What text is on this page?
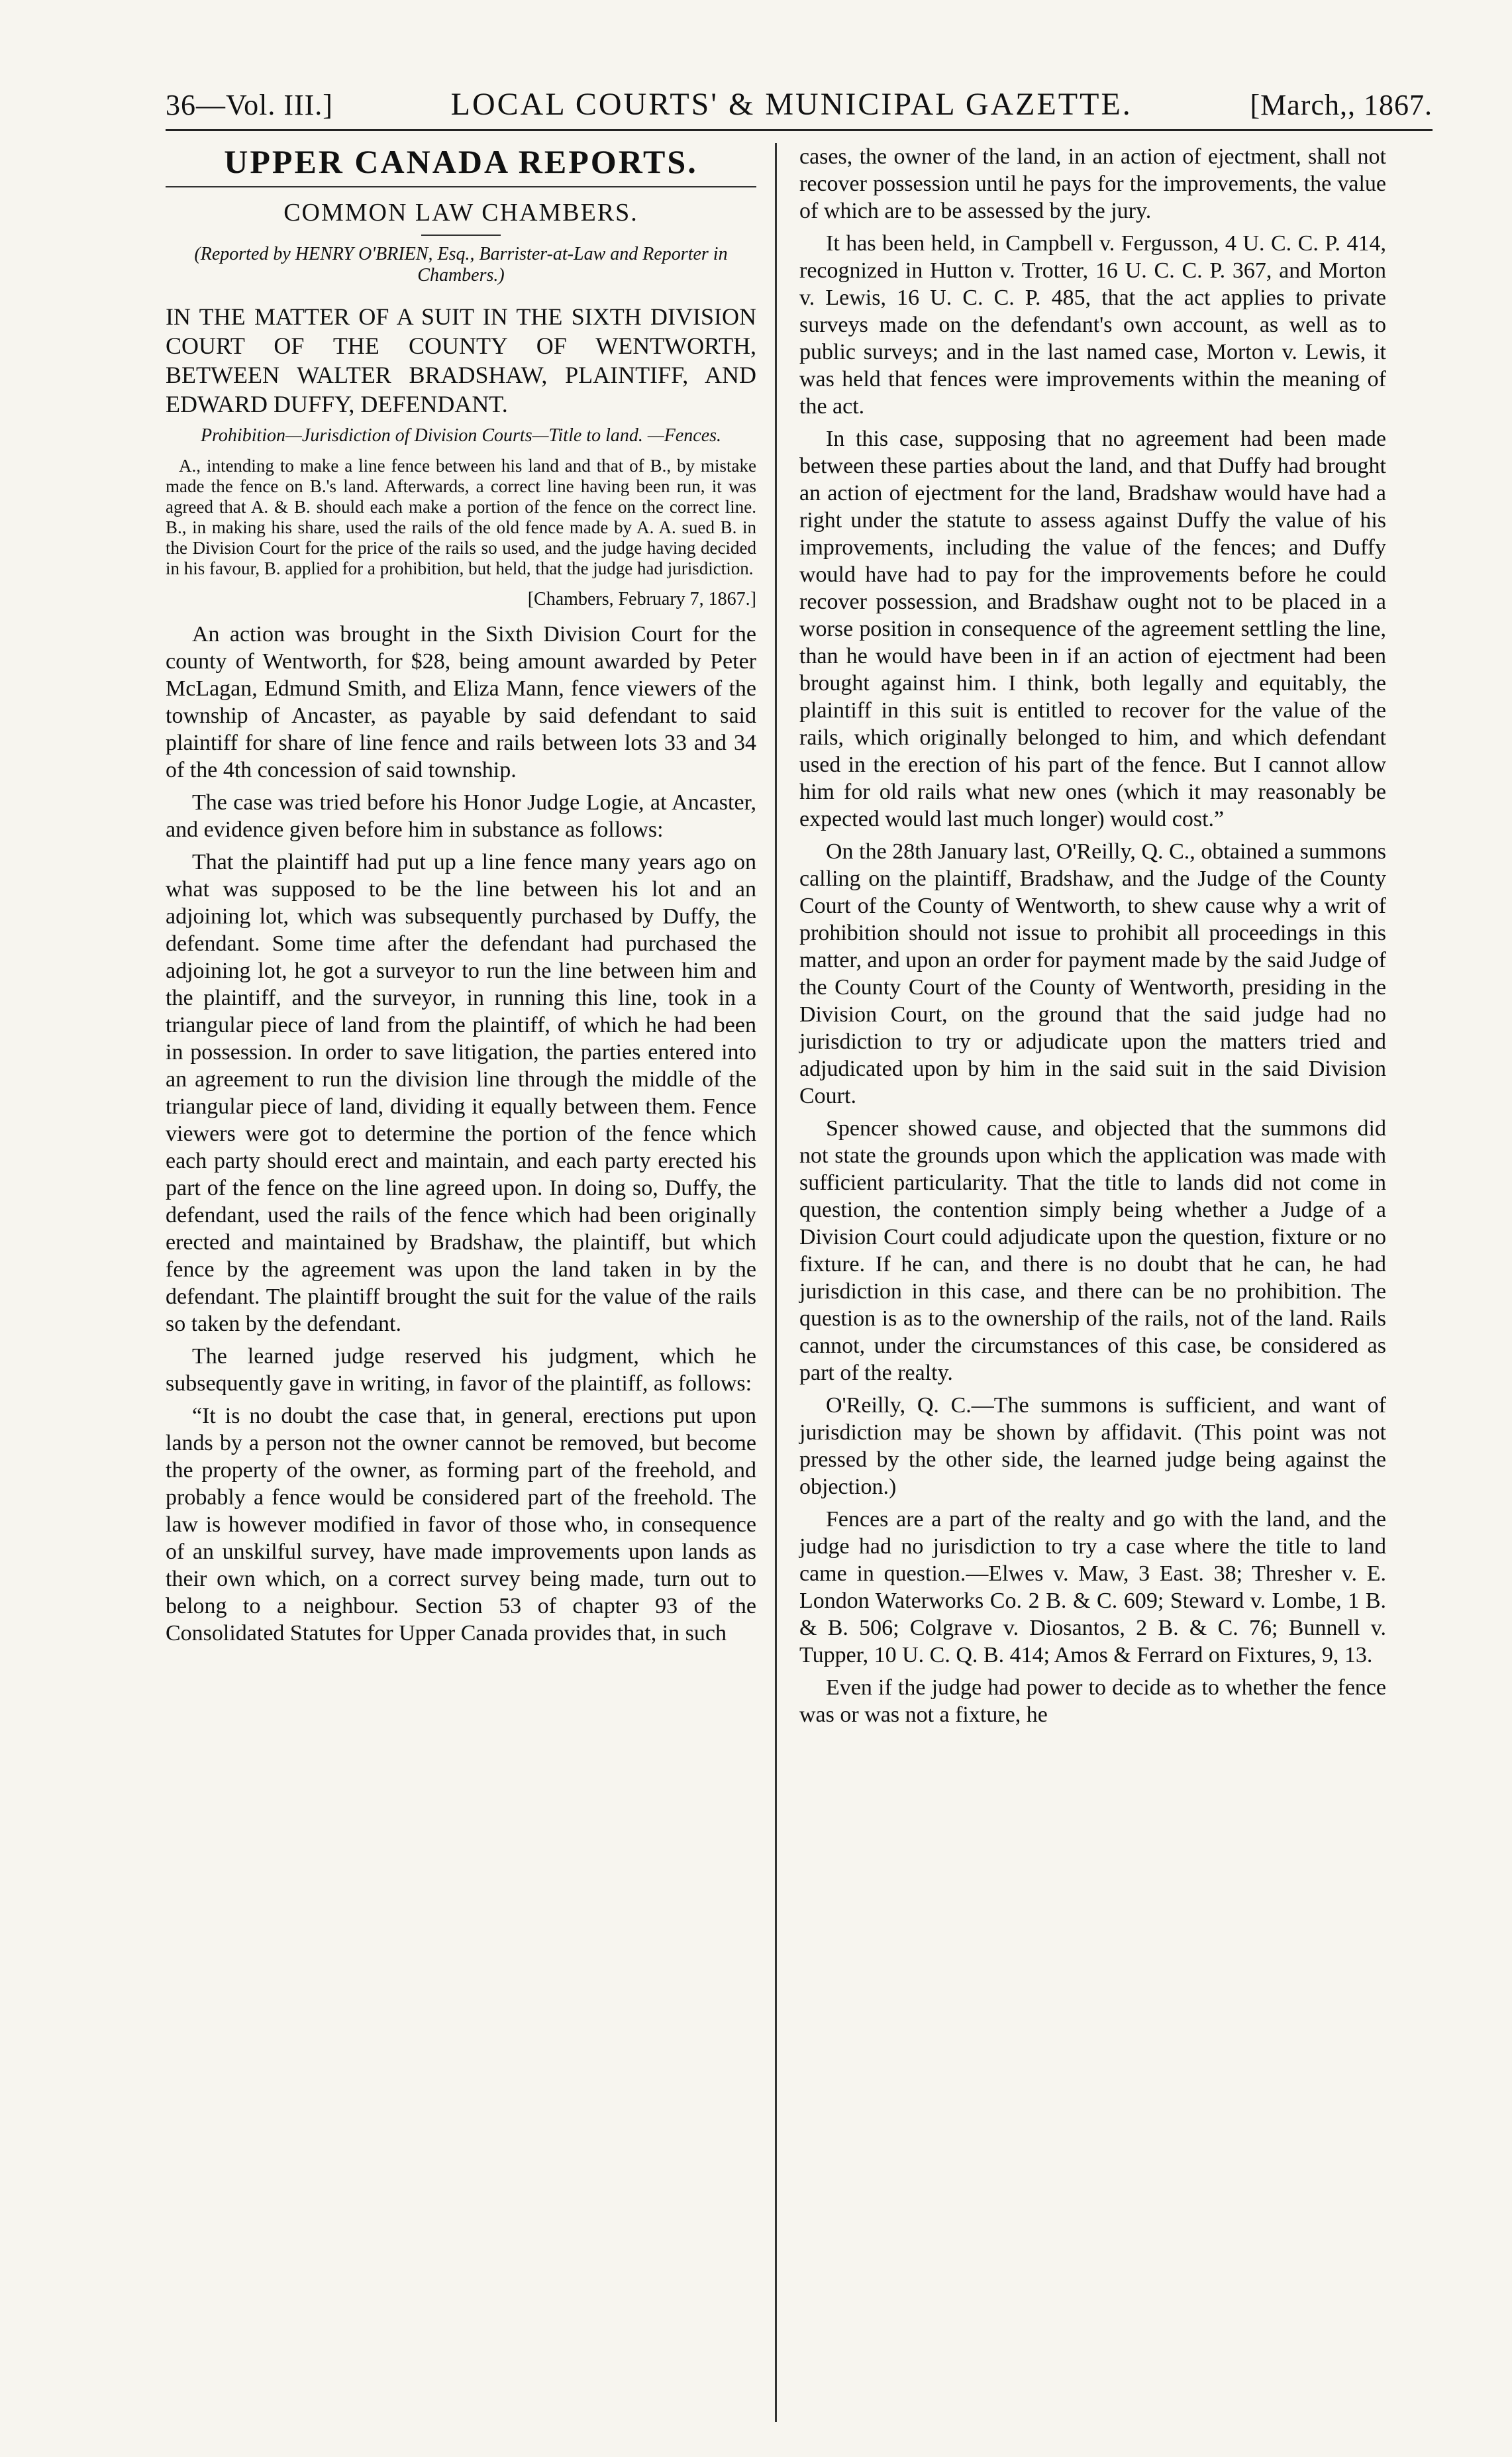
36—Vol. III.]	LOCAL COURTS' & MUNICIPAL GAZETTE.	[March,, 1867.
UPPER CANADA REPORTS.
COMMON LAW CHAMBERS.
(Reported by HENRY O'BRIEN, Esq., Barrister-at-Law and Reporter in Chambers.)

IN THE MATTER OF A SUIT IN THE SIXTH DIVISION COURT OF THE COUNTY OF WENTWORTH, BETWEEN WALTER BRADSHAW, PLAINTIFF, AND EDWARD DUFFY, DEFENDANT.

Prohibition—Jurisdiction of Division Courts—Title to land. —Fences.

A., intending to make a line fence between his land and that of B., by mistake made the fence on B.'s land. Afterwards, a correct line having been run, it was agreed that A. & B. should each make a portion of the fence on the correct line. B., in making his share, used the rails of the old fence made by A. A. sued B. in the Division Court for the price of the rails so used, and the judge having decided in his favour, B. applied for a prohibition, but held, that the judge had jurisdiction.

[Chambers, February 7, 1867.]

An action was brought in the Sixth Division Court for the county of Wentworth, for $28, being amount awarded by Peter McLagan, Edmund Smith, and Eliza Mann, fence viewers of the township of Ancaster, as payable by said defendant to said plaintiff for share of line fence and rails between lots 33 and 34 of the 4th concession of said township.

The case was tried before his Honor Judge Logie, at Ancaster, and evidence given before him in substance as follows:

That the plaintiff had put up a line fence many years ago on what was supposed to be the line between his lot and an adjoining lot, which was subsequently purchased by Duffy, the defendant. Some time after the defendant had purchased the adjoining lot, he got a surveyor to run the line between him and the plaintiff, and the surveyor, in running this line, took in a triangular piece of land from the plaintiff, of which he had been in possession. In order to save litigation, the parties entered into an agreement to run the division line through the middle of the triangular piece of land, dividing it equally between them. Fence viewers were got to determine the portion of the fence which each party should erect and maintain, and each party erected his part of the fence on the line agreed upon. In doing so, Duffy, the defendant, used the rails of the fence which had been originally erected and maintained by Bradshaw, the plaintiff, but which fence by the agreement was upon the land taken in by the defendant. The plaintiff brought the suit for the value of the rails so taken by the defendant.

The learned judge reserved his judgment, which he subsequently gave in writing, in favor of the plaintiff, as follows:

“It is no doubt the case that, in general, erections put upon lands by a person not the owner cannot be removed, but become the property of the owner, as forming part of the freehold, and probably a fence would be considered part of the freehold. The law is however modified in favor of those who, in consequence of an unskilful survey, have made improvements upon lands as their own which, on a correct survey being made, turn out to belong to a neighbour. Section 53 of chapter 93 of the Consolidated Statutes for Upper Canada provides that, in such

cases, the owner of the land, in an action of ejectment, shall not recover possession until he pays for the improvements, the value of which are to be assessed by the jury.

It has been held, in Campbell v. Fergusson, 4 U. C. C. P. 414, recognized in Hutton v. Trotter, 16 U. C. C. P. 367, and Morton v. Lewis, 16 U. C. C. P. 485, that the act applies to private surveys made on the defendant's own account, as well as to public surveys; and in the last named case, Morton v. Lewis, it was held that fences were improvements within the meaning of the act.

In this case, supposing that no agreement had been made between these parties about the land, and that Duffy had brought an action of ejectment for the land, Bradshaw would have had a right under the statute to assess against Duffy the value of his improvements, including the value of the fences; and Duffy would have had to pay for the improvements before he could recover possession, and Bradshaw ought not to be placed in a worse position in consequence of the agreement settling the line, than he would have been in if an action of ejectment had been brought against him. I think, both legally and equitably, the plaintiff in this suit is entitled to recover for the value of the rails, which originally belonged to him, and which defendant used in the erection of his part of the fence. But I cannot allow him for old rails what new ones (which it may reasonably be expected would last much longer) would cost.”

On the 28th January last, O'Reilly, Q. C., obtained a summons calling on the plaintiff, Bradshaw, and the Judge of the County Court of the County of Wentworth, to shew cause why a writ of prohibition should not issue to prohibit all proceedings in this matter, and upon an order for payment made by the said Judge of the County Court of the County of Wentworth, presiding in the Division Court, on the ground that the said judge had no jurisdiction to try or adjudicate upon the matters tried and adjudicated upon by him in the said suit in the said Division Court.

Spencer showed cause, and objected that the summons did not state the grounds upon which the application was made with sufficient particularity. That the title to lands did not come in question, the contention simply being whether a Judge of a Division Court could adjudicate upon the question, fixture or no fixture. If he can, and there is no doubt that he can, he had jurisdiction in this case, and there can be no prohibition. The question is as to the ownership of the rails, not of the land. Rails cannot, under the circumstances of this case, be considered as part of the realty.

O'Reilly, Q. C.—The summons is sufficient, and want of jurisdiction may be shown by affidavit. (This point was not pressed by the other side, the learned judge being against the objection.)

Fences are a part of the realty and go with the land, and the judge had no jurisdiction to try a case where the title to land came in question.—Elwes v. Maw, 3 East. 38; Thresher v. E. London Waterworks Co. 2 B. & C. 609; Steward v. Lombe, 1 B. & B. 506; Colgrave v. Diosantos, 2 B. & C. 76; Bunnell v. Tupper, 10 U. C. Q. B. 414; Amos & Ferrard on Fixtures, 9, 13.

Even if the judge had power to decide as to whether the fence was or was not a fixture, he
